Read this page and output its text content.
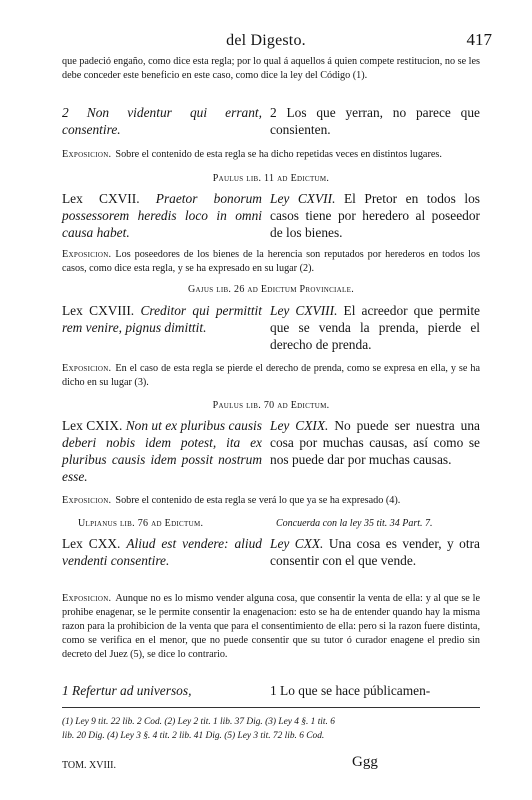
del Digesto.	417
que padeció engaño, como dice esta regla; por lo qual á aquellos á quien compete restitucion, no se les debe conceder este beneficio en este caso, como dice la ley del Código (1).
2 Non videntur qui errant, consentire.
2 Los que yerran, no parece que consienten.
Exposicion. Sobre el contenido de esta regla se ha dicho repetidas veces en distintos lugares.
Paulus lib. 11 ad Edictum.
Lex CXVII. Praetor bonorum possessorem heredis loco in omni causa habet.
Ley CXVII. El Pretor en todos los casos tiene por heredero al poseedor de los bienes.
Exposicion. Los poseedores de los bienes de la herencia son reputados por herederos en todos los casos, como dice esta regla, y se ha expresado en su lugar (2).
Gajus lib. 26 ad Edictum Provinciale.
Lex CXVIII. Creditor qui permittit rem venire, pignus dimittit.
Ley CXVIII. El acreedor que permite que se venda la prenda, pierde el derecho de prenda.
Exposicion. En el caso de esta regla se pierde el derecho de prenda, como se expresa en ella, y se ha dicho en su lugar (3).
Paulus lib. 70 ad Edictum.
Lex CXIX. Non ut ex pluribus causis deberi nobis idem potest, ita ex pluribus causis idem possit nostrum esse.
Ley CXIX. No puede ser nuestra una cosa por muchas causas, así como se nos puede dar por muchas causas.
Exposicion. Sobre el contenido de esta regla se verá lo que ya se ha expresado (4).
Ulpianus lib. 76 ad Edictum.	Concuerda con la ley 35 tit. 34 Part. 7.
Lex CXX. Aliud est vendere: aliud vendenti consentire.
Ley CXX. Una cosa es vender, y otra consentir con el que vende.
Exposicion. Aunque no es lo mismo vender alguna cosa, que consentir la venta de ella: y al que se le prohibe enagenar, se le permite consentir la enagenacion: esto se ha de entender quando hay la misma razon para la prohibicion de la venta que para el consentimiento de ella: pero si la razon fuere distinta, como se verifica en el menor, que no puede consentir que su tutor ó curador enagene el predio sin decreto del Juez (5), se dice lo contrario.
1 Refertur ad universos,	1 Lo que se hace públicamen-
(1) Ley 9 tit. 22 lib. 2 Cod. (2) Ley 2 tit. 1 lib. 37 Dig. (3) Ley 4 §. 1 tit. 6
lib. 20 Dig. (4) Ley 3 §. 4 tit. 2 lib. 41 Dig. (5) Ley 3 tit. 72 lib. 6 Cod.
TOM. XVIII.	Ggg
